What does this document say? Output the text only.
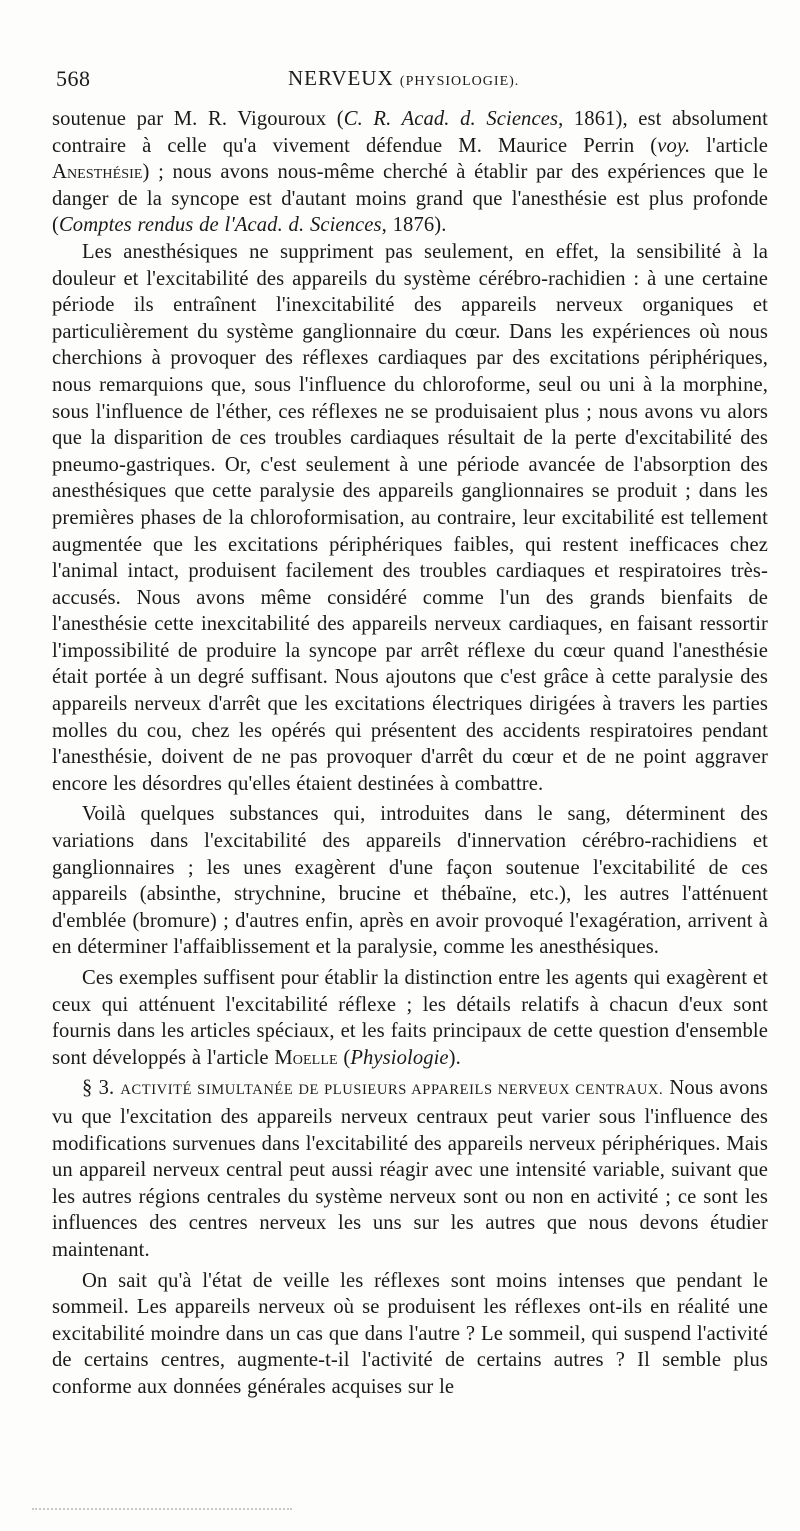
568	NERVEUX (PHYSIOLOGIE).

soutenue par M. R. Vigouroux (C. R. Acad. d. Sciences, 1861), est absolument contraire à celle qu'a vivement défendue M. Maurice Perrin (voy. l'article Anesthésie) ; nous avons nous-même cherché à établir par des expériences que le danger de la syncope est d'autant moins grand que l'anesthésie est plus profonde (Comptes rendus de l'Acad. d. Sciences, 1876).

Les anesthésiques ne suppriment pas seulement, en effet, la sensibilité à la douleur et l'excitabilité des appareils du système cérébro-rachidien : à une certaine période ils entraînent l'inexcitabilité des appareils nerveux organiques et particulièrement du système ganglionnaire du cœur. Dans les expériences où nous cherchions à provoquer des réflexes cardiaques par des excitations périphériques, nous remarquions que, sous l'influence du chloroforme, seul ou uni à la morphine, sous l'influence de l'éther, ces réflexes ne se produisaient plus ; nous avons vu alors que la disparition de ces troubles cardiaques résultait de la perte d'excitabilité des pneumo-gastriques. Or, c'est seulement à une période avancée de l'absorption des anesthésiques que cette paralysie des appareils ganglionnaires se produit ; dans les premières phases de la chloroformisation, au contraire, leur excitabilité est tellement augmentée que les excitations périphériques faibles, qui restent inefficaces chez l'animal intact, produisent facilement des troubles cardiaques et respiratoires très-accusés. Nous avons même considéré comme l'un des grands bienfaits de l'anesthésie cette inexcitabilité des appareils nerveux cardiaques, en faisant ressortir l'impossibilité de produire la syncope par arrêt réflexe du cœur quand l'anesthésie était portée à un degré suffisant. Nous ajoutons que c'est grâce à cette paralysie des appareils nerveux d'arrêt que les excitations électriques dirigées à travers les parties molles du cou, chez les opérés qui présentent des accidents respiratoires pendant l'anesthésie, doivent de ne pas provoquer d'arrêt du cœur et de ne point aggraver encore les désordres qu'elles étaient destinées à combattre.

Voilà quelques substances qui, introduites dans le sang, déterminent des variations dans l'excitabilité des appareils d'innervation cérébro-rachidiens et ganglionnaires ; les unes exagèrent d'une façon soutenue l'excitabilité de ces appareils (absinthe, strychnine, brucine et thébaïne, etc.), les autres l'atténuent d'emblée (bromure) ; d'autres enfin, après en avoir provoqué l'exagération, arrivent à en déterminer l'affaiblissement et la paralysie, comme les anesthésiques.

Ces exemples suffisent pour établir la distinction entre les agents qui exagèrent et ceux qui atténuent l'excitabilité réflexe ; les détails relatifs à chacun d'eux sont fournis dans les articles spéciaux, et les faits principaux de cette question d'ensemble sont développés à l'article Moelle (Physiologie).

§ 3. ACTIVITÉ SIMULTANÉE DE PLUSIEURS APPAREILS NERVEUX CENTRAUX. Nous avons vu que l'excitation des appareils nerveux centraux peut varier sous l'influence des modifications survenues dans l'excitabilité des appareils nerveux périphériques. Mais un appareil nerveux central peut aussi réagir avec une intensité variable, suivant que les autres régions centrales du système nerveux sont ou non en activité ; ce sont les influences des centres nerveux les uns sur les autres que nous devons étudier maintenant.

On sait qu'à l'état de veille les réflexes sont moins intenses que pendant le sommeil. Les appareils nerveux où se produisent les réflexes ont-ils en réalité une excitabilité moindre dans un cas que dans l'autre ? Le sommeil, qui suspend l'activité de certains centres, augmente-t-il l'activité de certains autres ? Il semble plus conforme aux données générales acquises sur le
